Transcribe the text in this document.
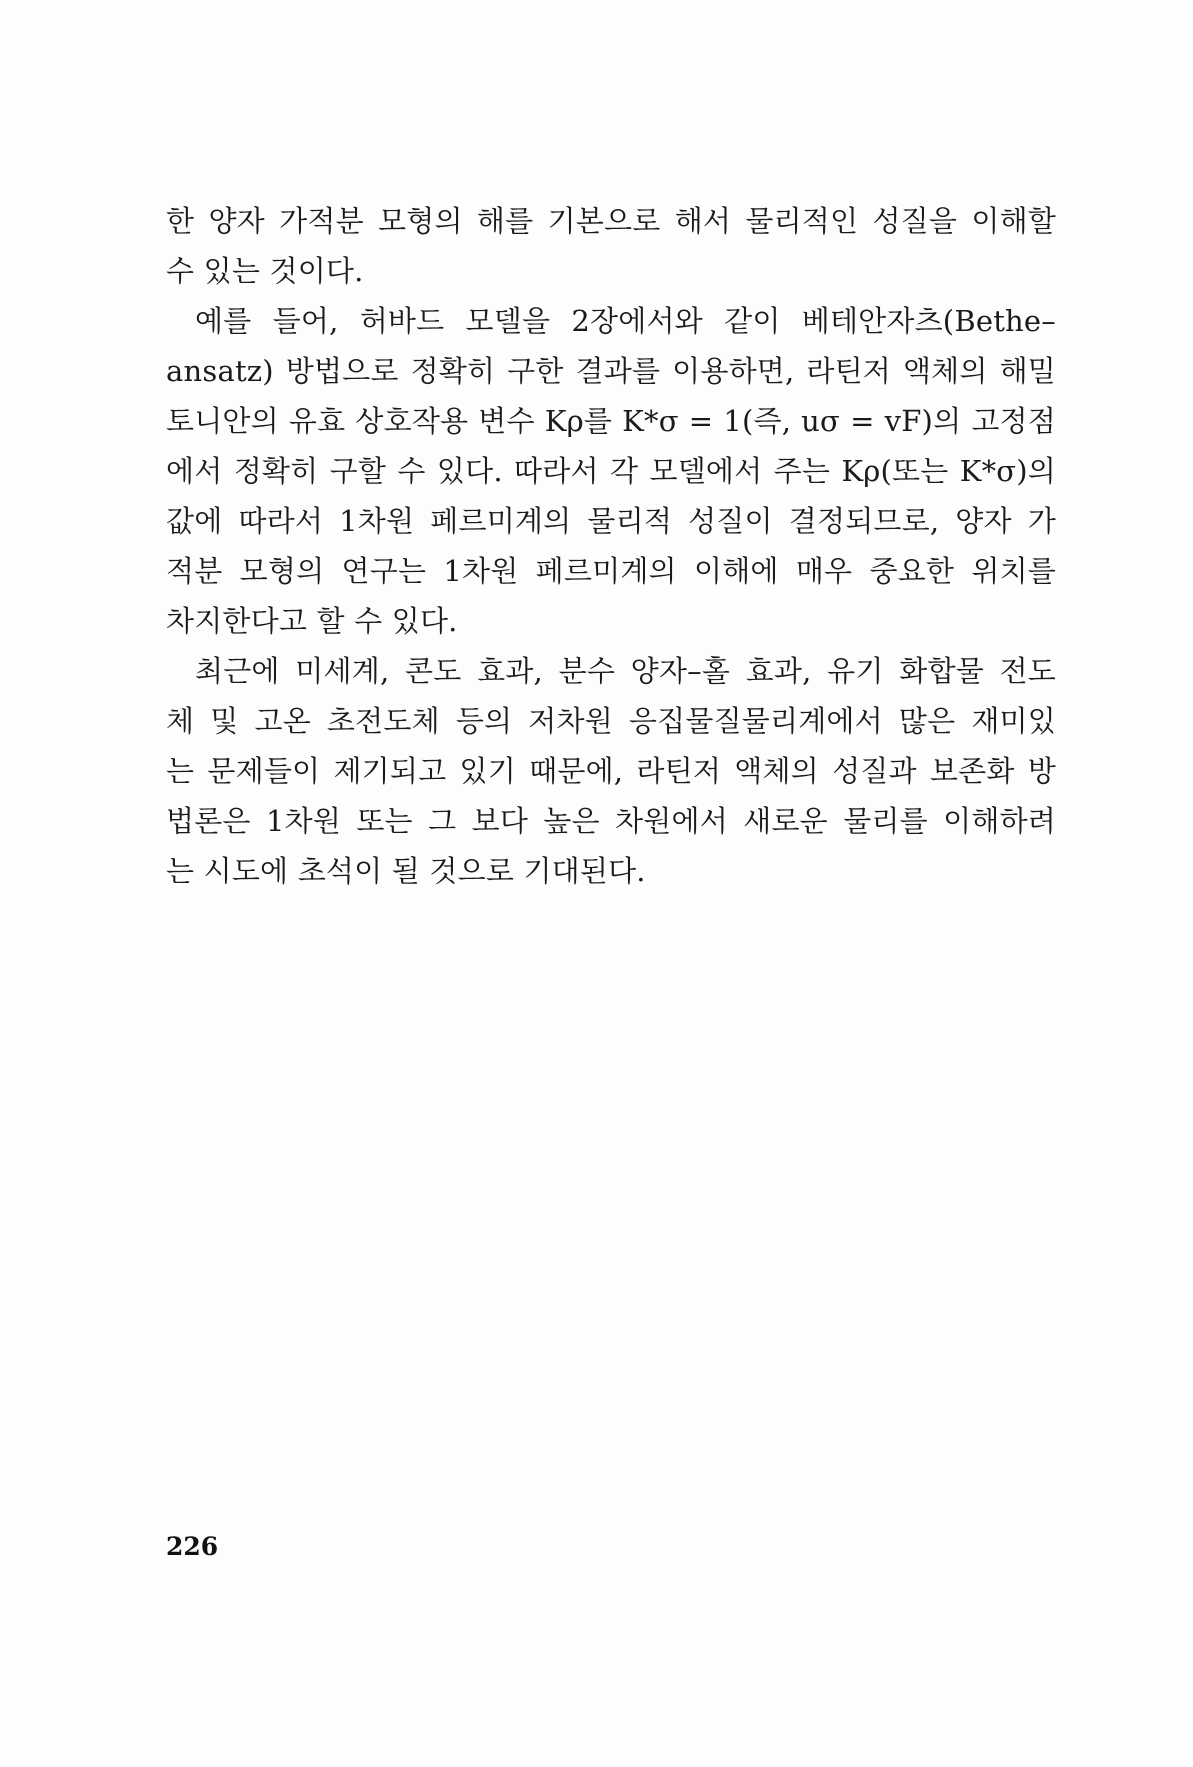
한 양자 가적분 모형의 해를 기본으로 해서 물리적인 성질을 이해할
수 있는 것이다.
예를 들어, 허바드 모델을 2장에서와 같이 베테안자츠(Bethe–
ansatz) 방법으로 정확히 구한 결과를 이용하면, 라틴저 액체의 해밀
토니안의 유효 상호작용 변수 Kρ를 K*σ = 1(즉, uσ = vF)의 고정점
에서 정확히 구할 수 있다. 따라서 각 모델에서 주는 Kρ(또는 K*σ)의
값에 따라서 1차원 페르미계의 물리적 성질이 결정되므로, 양자 가
적분 모형의 연구는 1차원 페르미계의 이해에 매우 중요한 위치를
차지한다고 할 수 있다.
최근에 미세계, 콘도 효과, 분수 양자–홀 효과, 유기 화합물 전도
체 및 고온 초전도체 등의 저차원 응집물질물리계에서 많은 재미있
는 문제들이 제기되고 있기 때문에, 라틴저 액체의 성질과 보존화 방
법론은 1차원 또는 그 보다 높은 차원에서 새로운 물리를 이해하려
는 시도에 초석이 될 것으로 기대된다.
226
